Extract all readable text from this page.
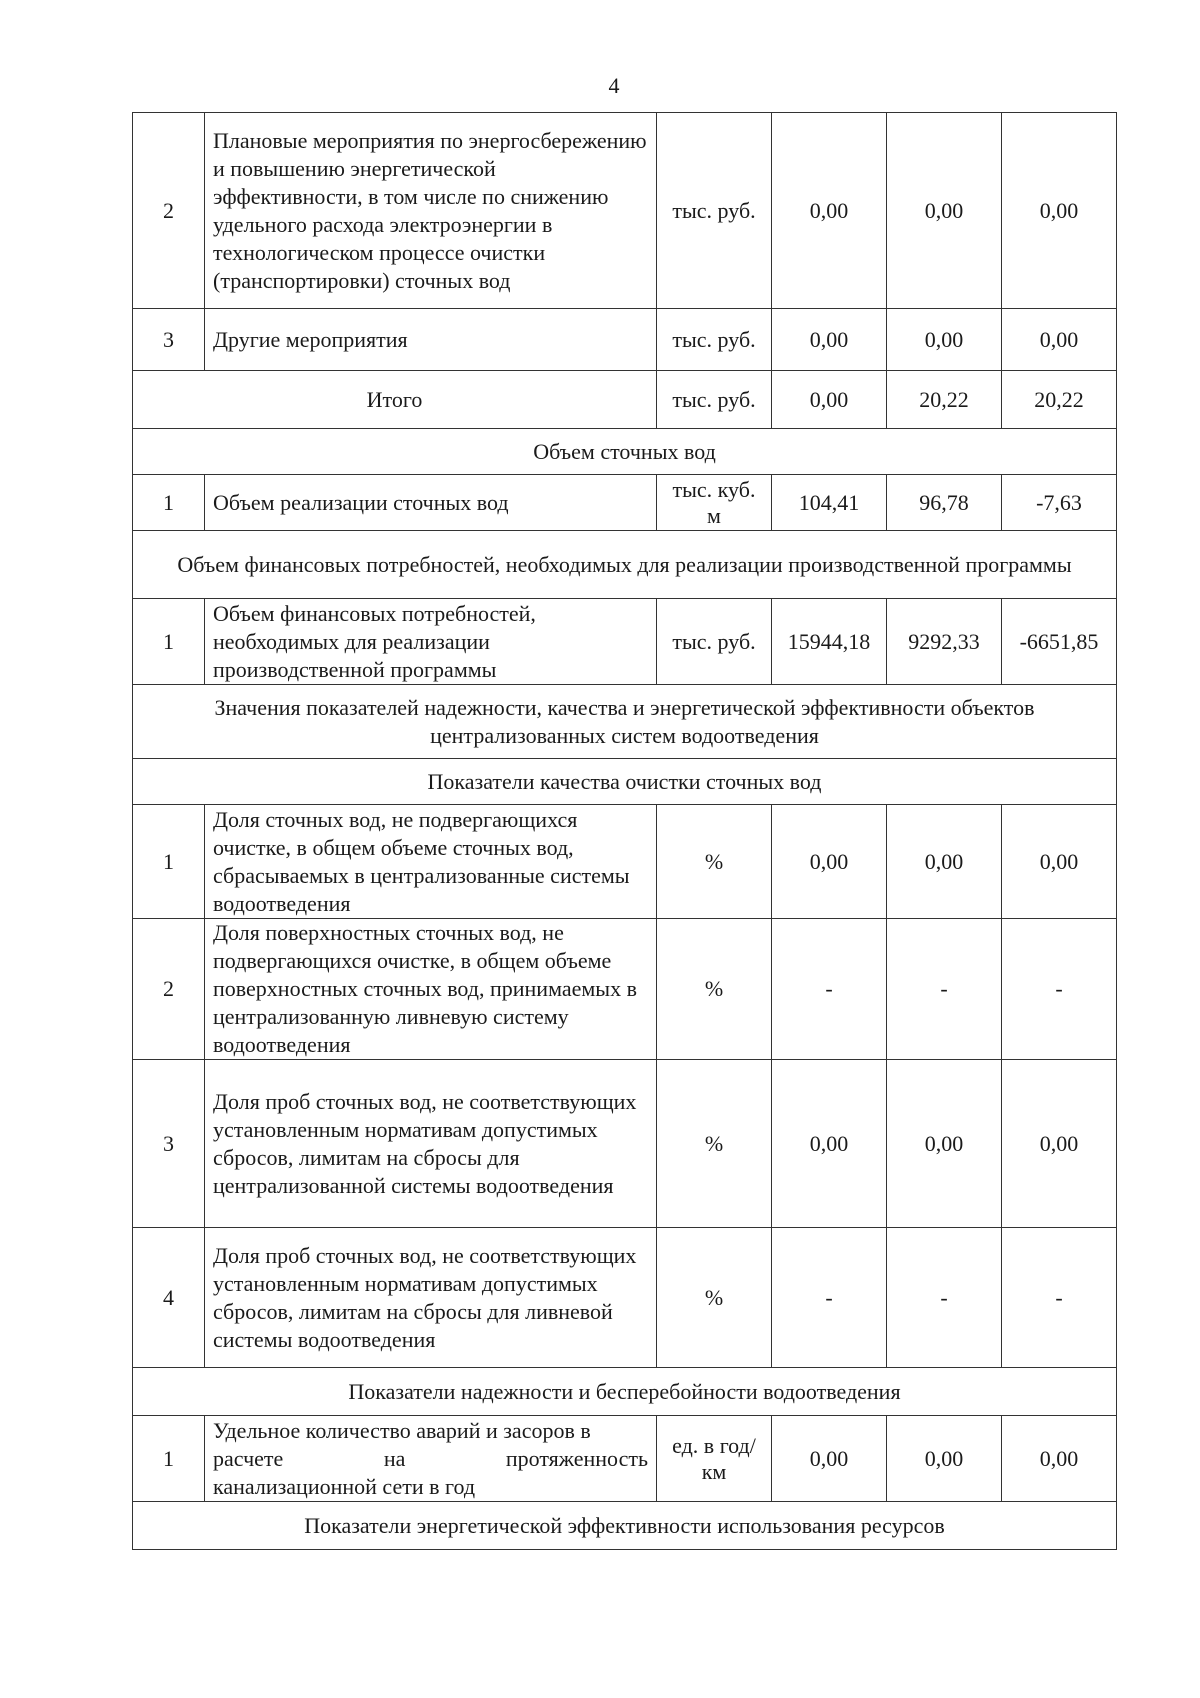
4
2	Плановые мероприятия по энергосбережению и повышению энергетической эффективности, в том числе по снижению удельного расхода электроэнергии в технологическом процессе очистки (транспортировки) сточных вод	тыс. руб.	0,00	0,00	0,00
3	Другие мероприятия	тыс. руб.	0,00	0,00	0,00
Итого		тыс. руб.	0,00	20,22	20,22
Объем сточных вод					
1	Объем реализации сточных вод	тыс. куб. м	104,41	96,78	-7,63
Объем финансовых потребностей, необходимых для реализации производственной программы					
1	Объем финансовых потребностей, необходимых для реализации производственной программы	тыс. руб.	15944,18	9292,33	-6651,85
Значения показателей надежности, качества и энергетической эффективности объектов централизованных систем водоотведения					
Показатели качества очистки сточных вод					
1	Доля сточных вод, не подвергающихся очистке, в общем объеме сточных вод, сбрасываемых в централизованные системы водоотведения	%	0,00	0,00	0,00
2	Доля поверхностных сточных вод, не подвергающихся очистке, в общем объеме поверхностных сточных вод, принимаемых в централизованную ливневую систему водоотведения	%	-	-	-
3	Доля проб сточных вод, не соответствующих установленным нормативам допустимых сбросов, лимитам на сбросы для централизованной системы водоотведения	%	0,00	0,00	0,00
4	Доля проб сточных вод, не соответствующих установленным нормативам допустимых сбросов, лимитам на сбросы для ливневой системы водоотведения	%	-	-	-
Показатели надежности и бесперебойности водоотведения					
1	Удельное количество аварий и засоров в
расчете на протяженность
канализационной сети в год	ед. в год/ км	0,00	0,00	0,00
Показатели энергетической эффективности использования ресурсов					
